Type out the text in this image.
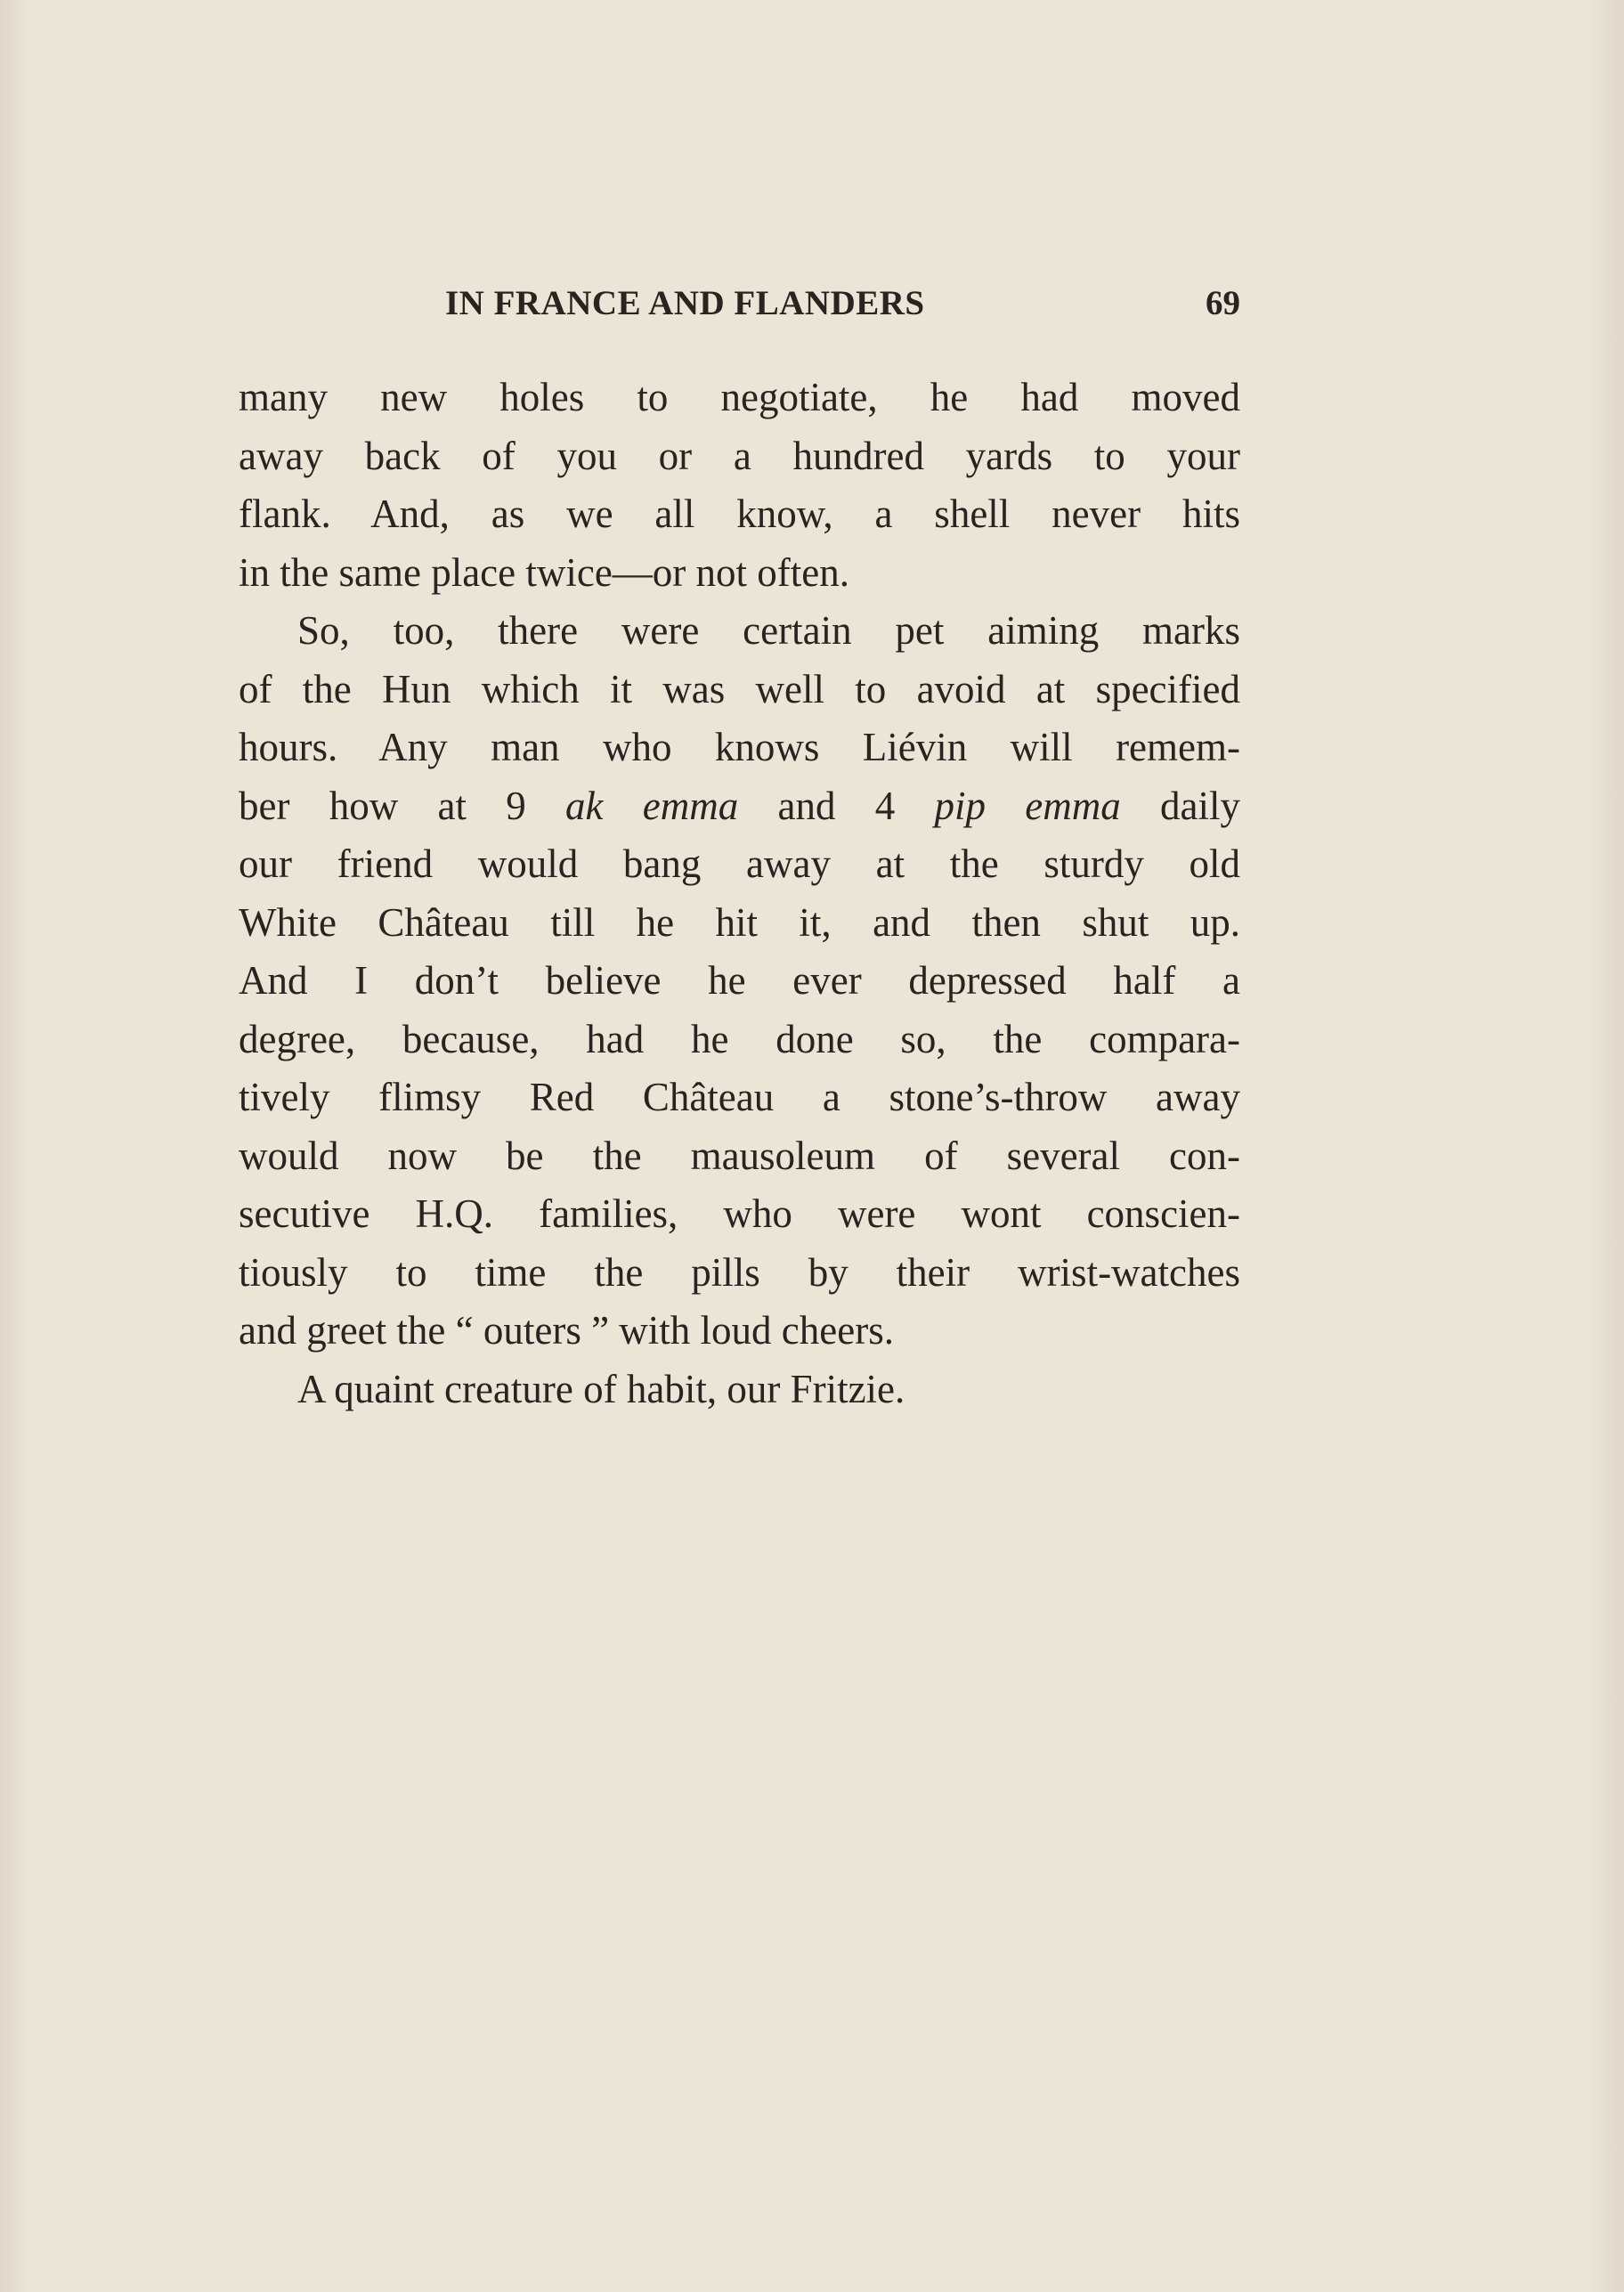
IN FRANCE AND FLANDERS	69

many new holes to negotiate, he had moved
away back of you or a hundred yards to your
flank. And, as we all know, a shell never hits
in the same place twice—or not often.

So, too, there were certain pet aiming marks
of the Hun which it was well to avoid at specified
hours. Any man who knows Liévin will remem-
ber how at 9 ak emma and 4 pip emma daily
our friend would bang away at the sturdy old
White Château till he hit it, and then shut up.
And I don’t believe he ever depressed half a
degree, because, had he done so, the compara-
tively flimsy Red Château a stone’s-throw away
would now be the mausoleum of several con-
secutive H.Q. families, who were wont conscien-
tiously to time the pills by their wrist-watches
and greet the “ outers ” with loud cheers.

A quaint creature of habit, our Fritzie.
